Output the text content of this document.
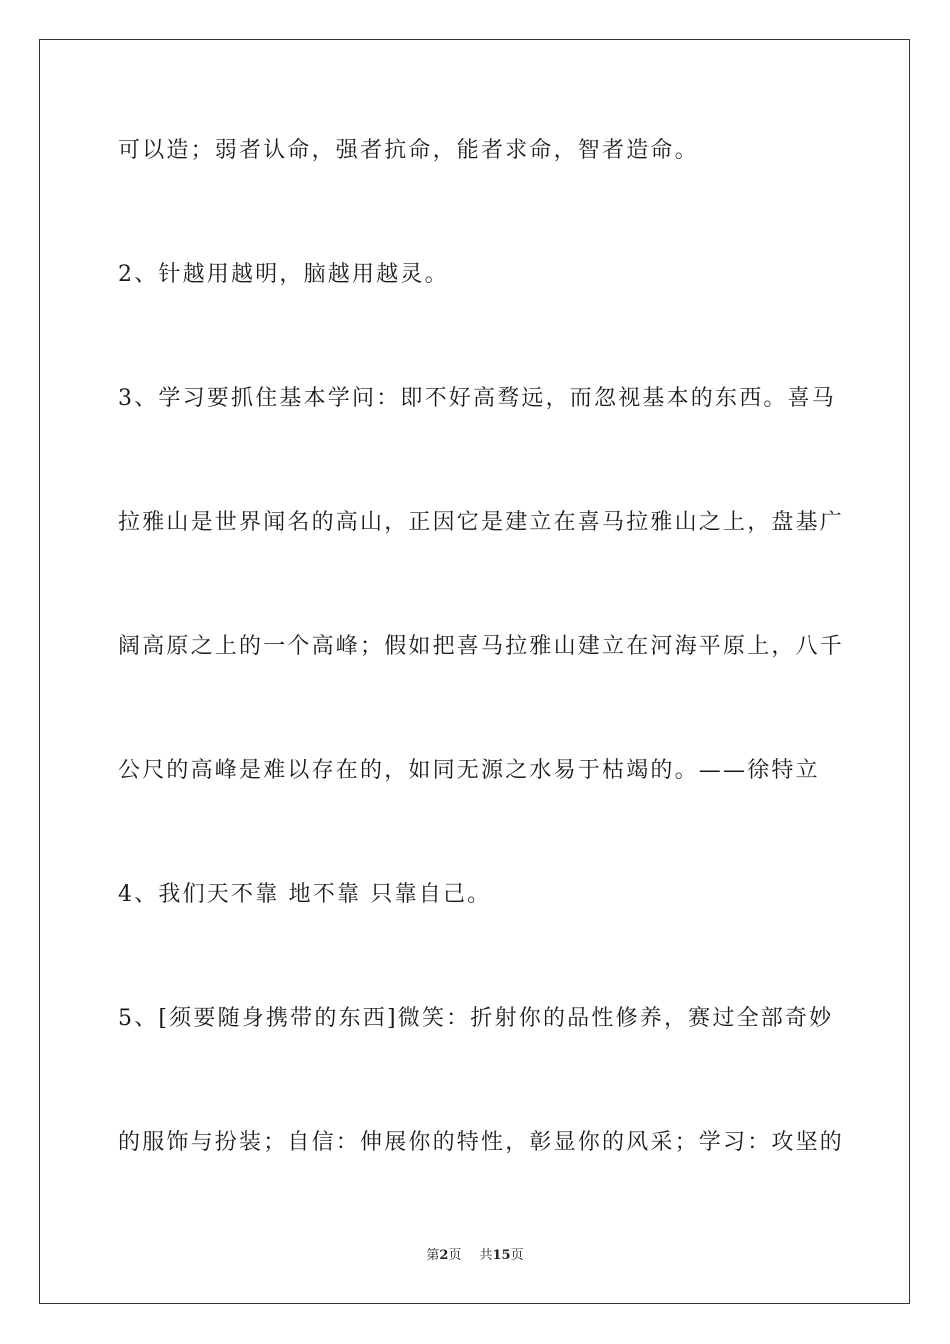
可以造；弱者认命，强者抗命，能者求命，智者造命。
2、针越用越明，脑越用越灵。
3、学习要抓住基本学问：即不好高骛远，而忽视基本的东西。喜马
拉雅山是世界闻名的高山，正因它是建立在喜马拉雅山之上，盘基广
阔高原之上的一个高峰；假如把喜马拉雅山建立在河海平原上，八千
公尺的高峰是难以存在的，如同无源之水易于枯竭的。——徐特立
4、我们天不靠 地不靠 只靠自己。
5、[须要随身携带的东西]微笑：折射你的品性修养，赛过全部奇妙
的服饰与扮装；自信：伸展你的特性，彰显你的风采；学习：攻坚的
第2页 共15页
